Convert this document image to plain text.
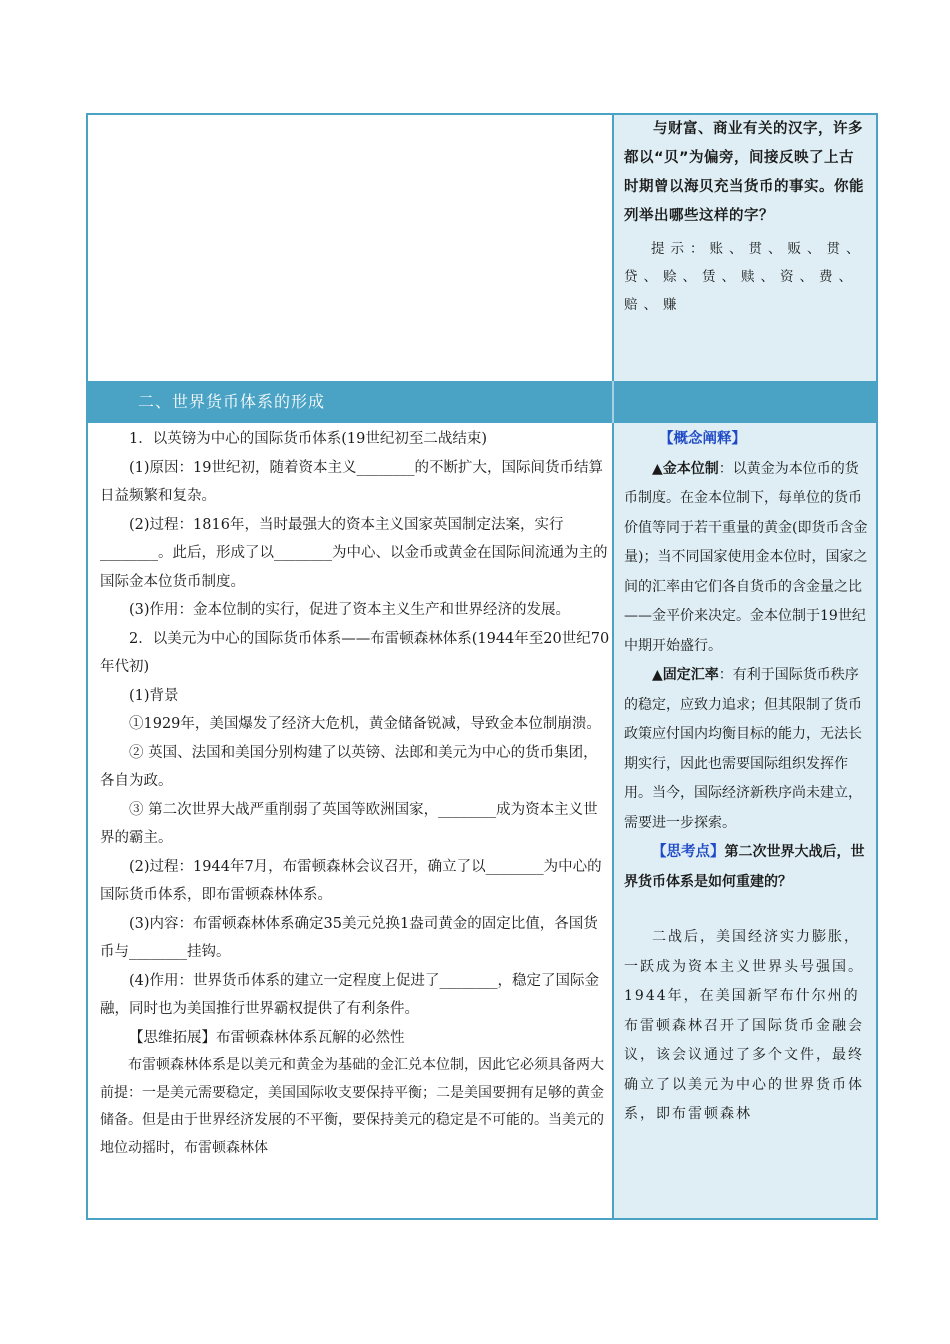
与财富、商业有关的汉字，许多都以“贝”为偏旁，间接反映了上古时期曾以海贝充当货币的事实。你能列举出哪些这样的字？

提示：账、贯、贩、贯、贷、赊、赁、赎、资、费、赔、赚

二、世界货币体系的形成

1．以英镑为中心的国际货币体系(19世纪初至二战结束)

(1)原因：19世纪初，随着资本主义________的不断扩大，国际间货币结算日益频繁和复杂。

(2)过程：1816年，当时最强大的资本主义国家英国制定法案，实行________。此后，形成了以________为中心、以金币或黄金在国际间流通为主的国际金本位货币制度。

(3)作用：金本位制的实行，促进了资本主义生产和世界经济的发展。

2．以美元为中心的国际货币体系——布雷顿森林体系(1944年至20世纪70年代初)

(1)背景

①1929年，美国爆发了经济大危机，黄金储备锐减，导致金本位制崩溃。

② 英国、法国和美国分别构建了以英镑、法郎和美元为中心的货币集团，各自为政。

③ 第二次世界大战严重削弱了英国等欧洲国家，________成为资本主义世界的霸主。

(2)过程：1944年7月，布雷顿森林会议召开，确立了以________为中心的国际货币体系，即布雷顿森林体系。

(3)内容：布雷顿森林体系确定35美元兑换1盎司黄金的固定比值，各国货币与________挂钩。

(4)作用：世界货币体系的建立一定程度上促进了________，稳定了国际金融，同时也为美国推行世界霸权提供了有利条件。

【思维拓展】布雷顿森林体系瓦解的必然性

布雷顿森林体系是以美元和黄金为基础的金汇兑本位制，因此它必须具备两大前提：一是美元需要稳定，美国国际收支要保持平衡；二是美国要拥有足够的黄金储备。但是由于世界经济发展的不平衡，要保持美元的稳定是不可能的。当美元的地位动摇时，布雷顿森林体

【概念阐释】

▲金本位制：以黄金为本位币的货币制度。在金本位制下，每单位的货币价值等同于若干重量的黄金(即货币含金量)；当不同国家使用金本位时，国家之间的汇率由它们各自货币的含金量之比——金平价来决定。金本位制于19世纪中期开始盛行。

▲固定汇率：有利于国际货币秩序的稳定，应致力追求；但其限制了货币政策应付国内均衡目标的能力，无法长期实行，因此也需要国际组织发挥作用。当今，国际经济新秩序尚未建立，需要进一步探索。

【思考点】第二次世界大战后，世界货币体系是如何重建的？

二战后，美国经济实力膨胀，一跃成为资本主义世界头号强国。1944年，在美国新罕布什尔州的布雷顿森林召开了国际货币金融会议，该会议通过了多个文件，最终确立了以美元为中心的世界货币体系，即布雷顿森林
